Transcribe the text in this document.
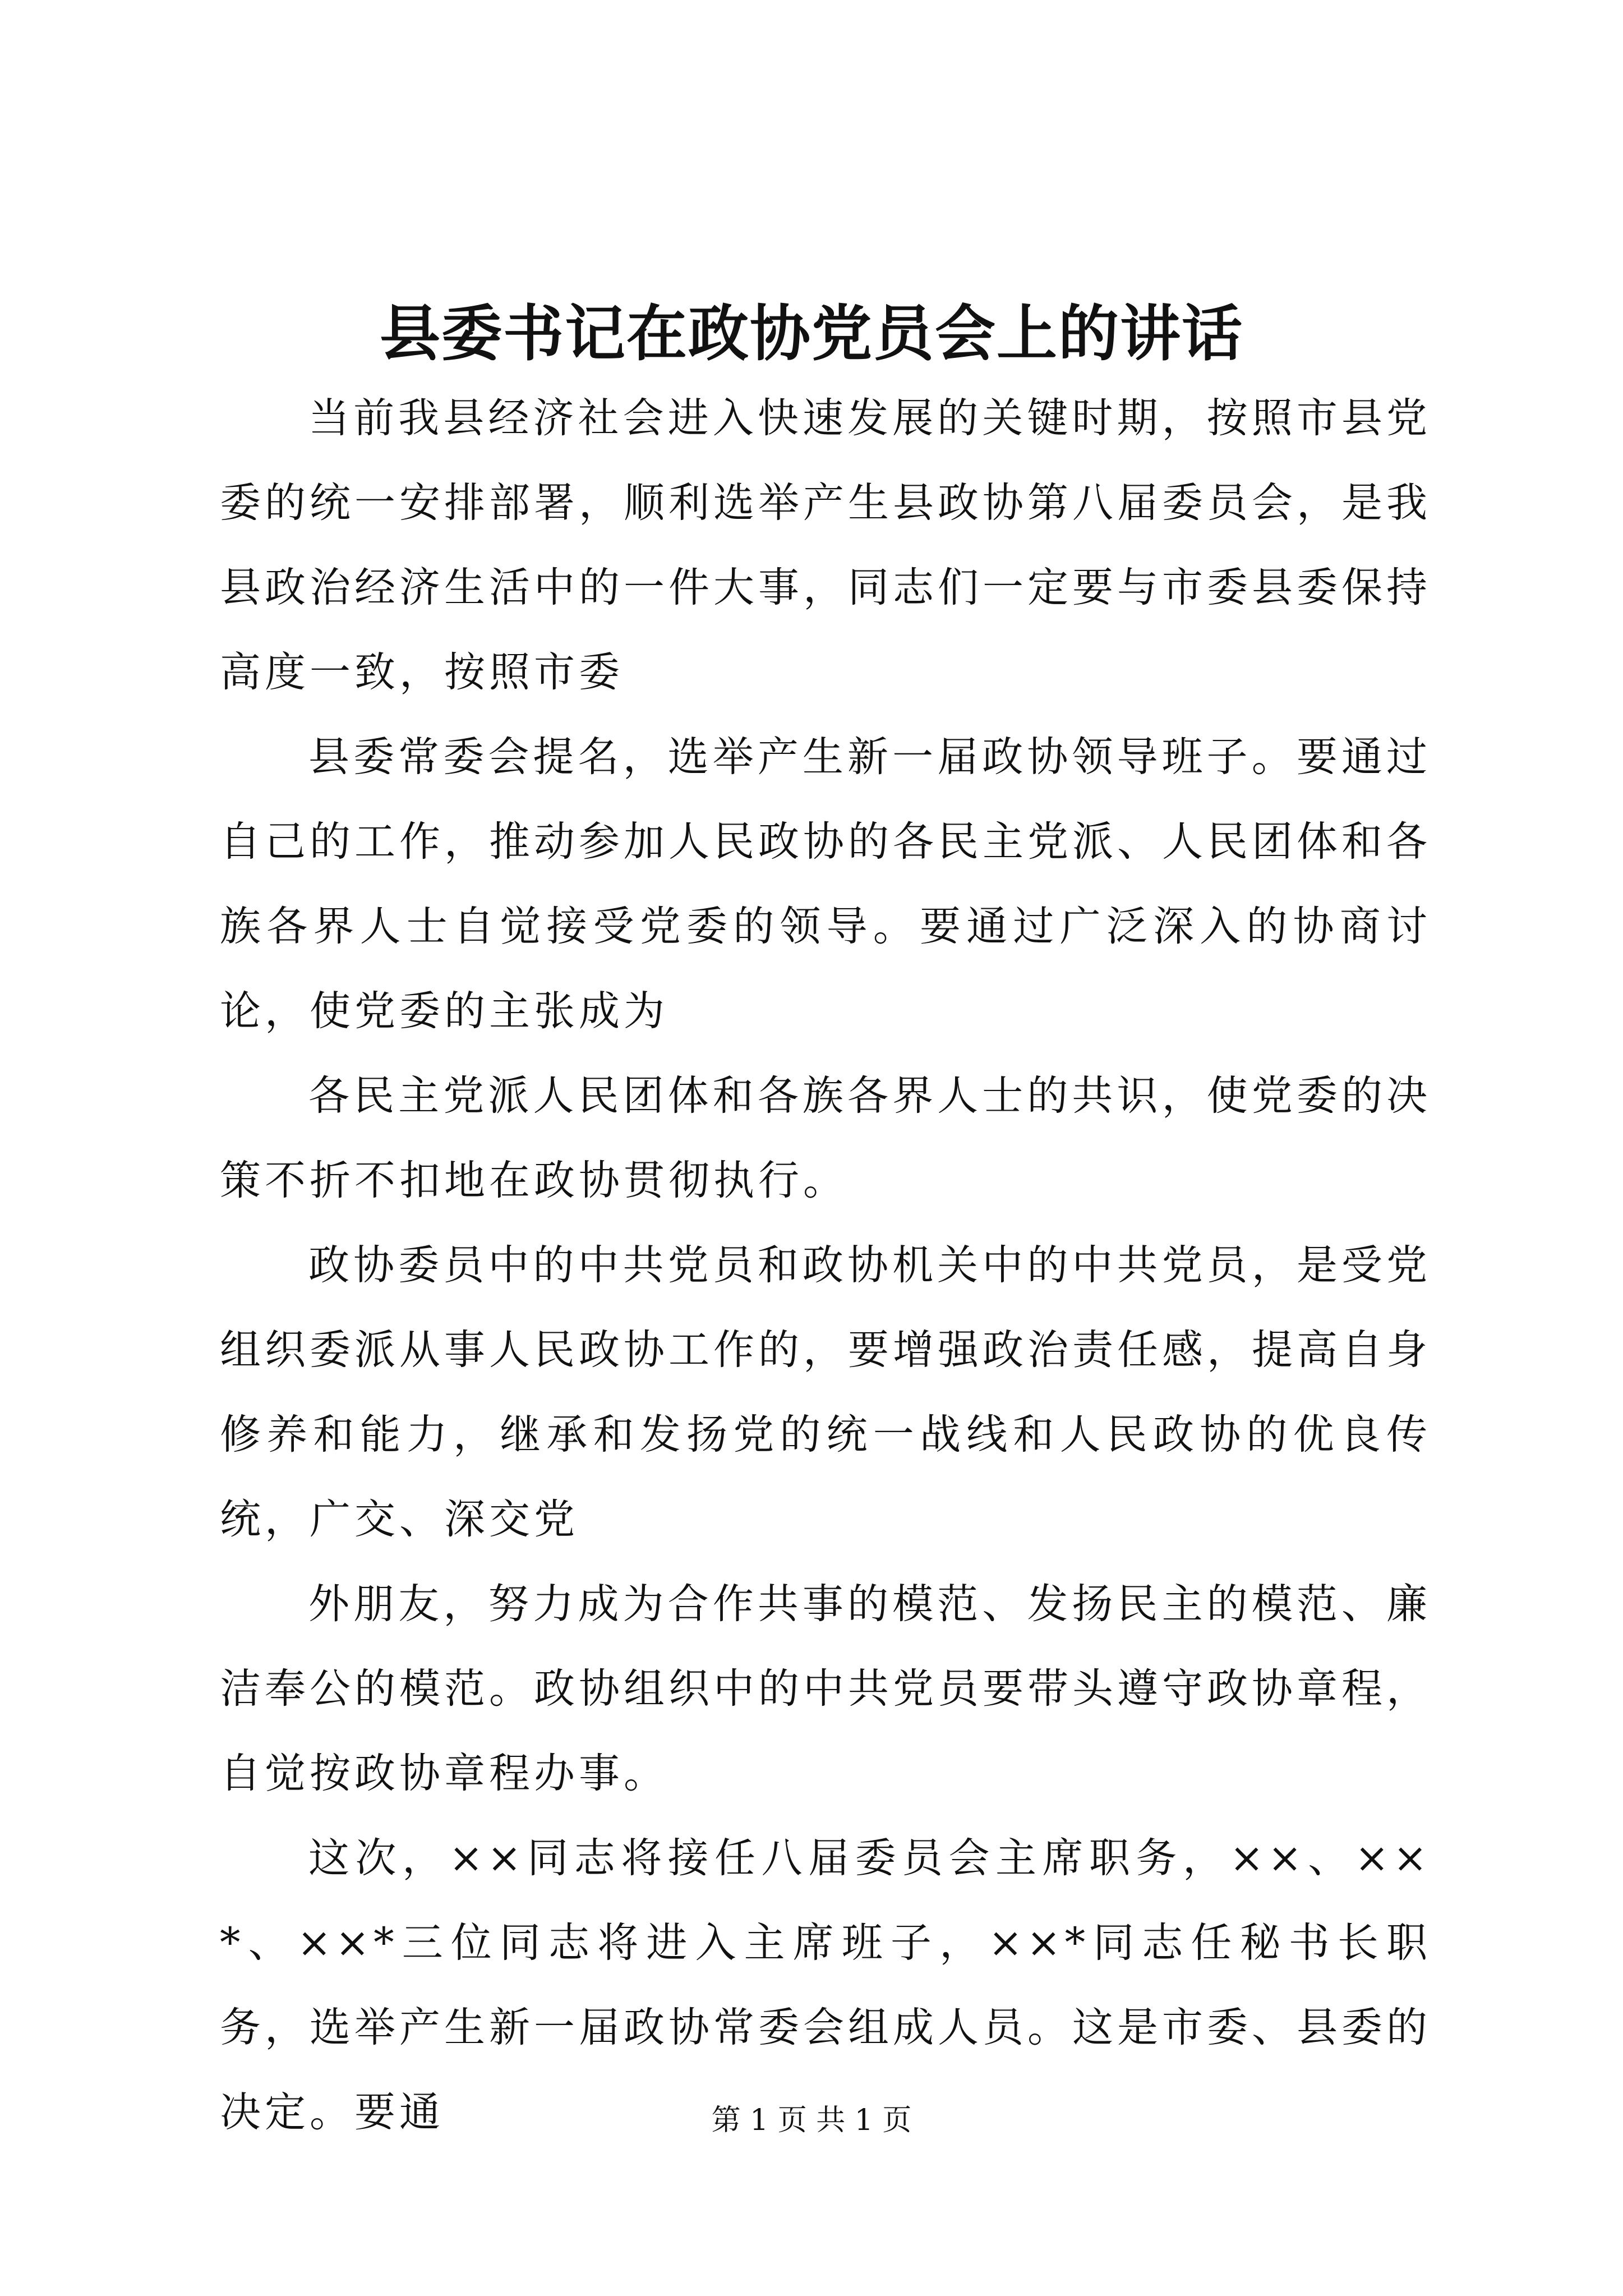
县委书记在政协党员会上的讲话

当前我县经济社会进入快速发展的关键时期，按照市县党委的统一安排部署，顺利选举产生县政协第八届委员会，是我县政治经济生活中的一件大事，同志们一定要与市委县委保持高度一致，按照市委

县委常委会提名，选举产生新一届政协领导班子。要通过自己的工作，推动参加人民政协的各民主党派、人民团体和各族各界人士自觉接受党委的领导。要通过广泛深入的协商讨论，使党委的主张成为

各民主党派人民团体和各族各界人士的共识，使党委的决策不折不扣地在政协贯彻执行。

政协委员中的中共党员和政协机关中的中共党员，是受党组织委派从事人民政协工作的，要增强政治责任感，提高自身修养和能力，继承和发扬党的统一战线和人民政协的优良传统，广交、深交党

外朋友，努力成为合作共事的模范、发扬民主的模范、廉洁奉公的模范。政协组织中的中共党员要带头遵守政协章程，自觉按政协章程办事。

这次，××同志将接任八届委员会主席职务，××、××*、××*三位同志将进入主席班子，××*同志任秘书长职务，选举产生新一届政协常委会组成人员。这是市委、县委的决定。要通	第 1 页 共 1 页
